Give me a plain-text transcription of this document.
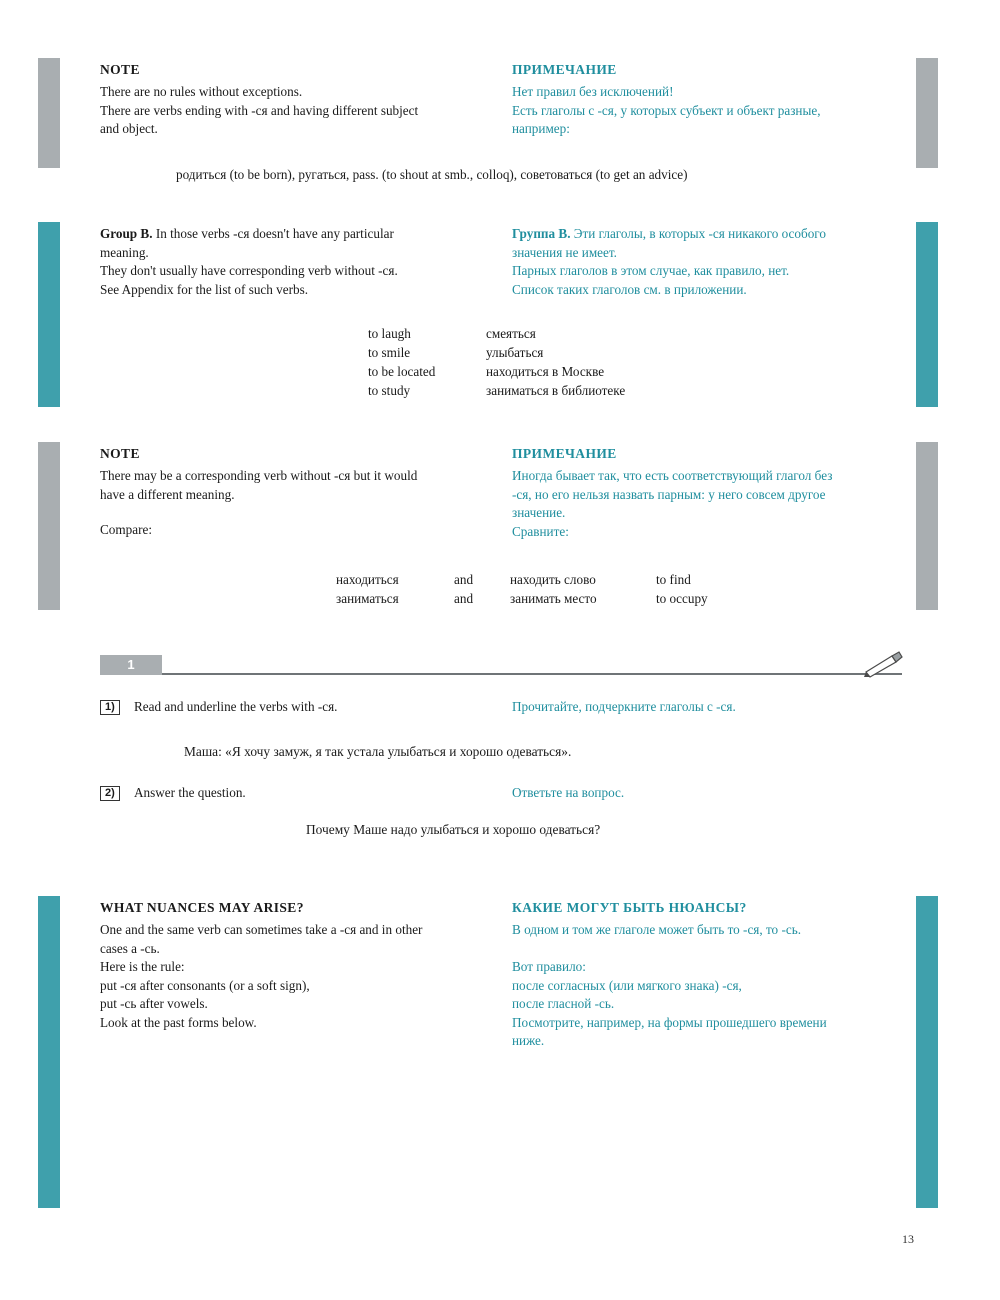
NOTE

There are no rules without exceptions.

There are verbs ending with -ся and having different subject

and object.

ПРИМЕЧАНИЕ

Нет правил без исключений!

Есть глаголы с -ся, у которых субъект и объект разные,

например:

родиться (to be born), ругаться, pass. (to shout at smb., colloq), советоваться (to get an advice)

Group B. In those verbs -ся doesn't have any particular

meaning.

They don't usually have corresponding verb without -ся.

See Appendix for the list of such verbs.

Группа B. Эти глаголы, в которых -ся никакого особого

значения не имеет.

Парных глаголов в этом случае, как правило, нет.

Список таких глаголов см. в приложении.

to laugh	смеяться
to smile	улыбаться
to be located	находиться в Москве
to study	заниматься в библиотеке
NOTE

There may be a corresponding verb without -ся but it would

have a different meaning.

Compare:

ПРИМЕЧАНИЕ

Иногда бывает так, что есть соответствующий глагол без

-ся, но его нельзя назвать парным: у него совсем другое

значение.

Сравните:

находиться	and	находить слово	to find
заниматься	and	занимать место	to occupy
1
1)	Read and underline the verbs with -ся.	Прочитайте, подчеркните глаголы с -ся.
Маша: «Я хочу замуж, я так устала улыбаться и хорошо одеваться».
2)	Answer the question.	Ответьте на вопрос.
Почему Маше надо улыбаться и хорошо одеваться?
WHAT NUANCES MAY ARISE?

One and the same verb can sometimes take a -ся and in other

cases a -сь.

Here is the rule:

put -ся after consonants (or a soft sign),

put -сь after vowels.

Look at the past forms below.

КАКИЕ МОГУТ БЫТЬ НЮАНСЫ?

В одном и том же глаголе может быть то -ся, то -сь.

Вот правило:

после согласных (или мягкого знака) -ся,

после гласной -сь.

Посмотрите, например, на формы прошедшего времени

ниже.

13
